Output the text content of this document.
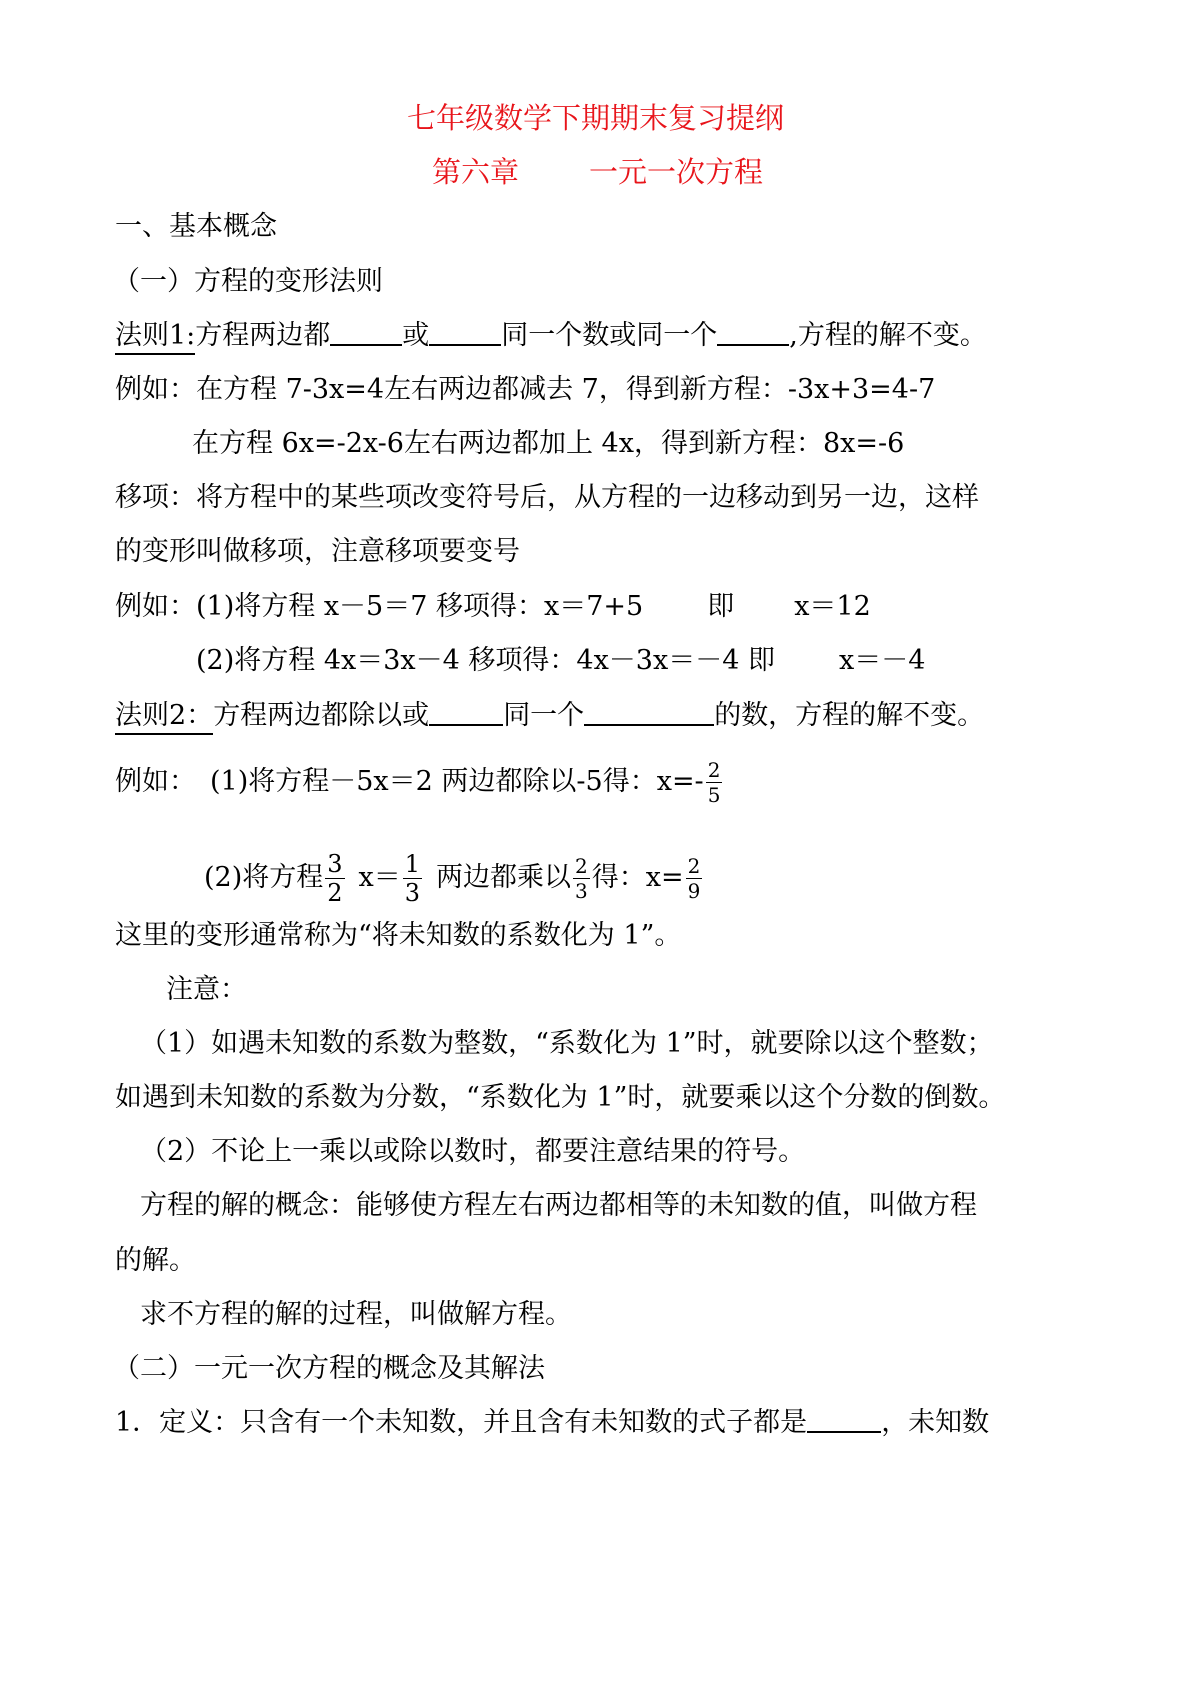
七年级数学下期期末复习提纲
第六章 一元一次方程
一、基本概念
（一）方程的变形法则
法则1:方程两边都	或	同一个数或同一个	,方程的解不变。
例如：在方程 7-3x=4左右两边都减去 7，得到新方程：-3x+3=4-7
在方程 6x=-2x-6左右两边都加上 4x，得到新方程：8x=-6
移项：将方程中的某些项改变符号后，从方程的一边移动到另一边，这样
的变形叫做移项，注意移项要变号
例如：(1)将方程 x－5＝7 移项得：x＝7+5 即 x＝12
(2)将方程 4x＝3x－4 移项得：4x－3x＝－4 即 x＝－4
法则2：方程两边都除以或	同一个	的数，方程的解不变。
例如： (1)将方程－5x＝2 两边都除以-5得：$x=- \frac{2}{5}$
(2)将方程 $\frac{3}{2} x= \frac{1}{3}$ 两边都乘以 $\frac{2}{3}$ 得：$x= \frac{2}{9}$
这里的变形通常称为“将未知数的系数化为 1”。
注意：
（1）如遇未知数的系数为整数，“系数化为 1”时，就要除以这个整数；
如遇到未知数的系数为分数，“系数化为 1”时，就要乘以这个分数的倒数。
（2）不论上一乘以或除以数时，都要注意结果的符号。
方程的解的概念：能够使方程左右两边都相等的未知数的值，叫做方程
的解。
求不方程的解的过程，叫做解方程。
（二）一元一次方程的概念及其解法
1．定义：只含有一个未知数，并且含有未知数的式子都是	，未知数
